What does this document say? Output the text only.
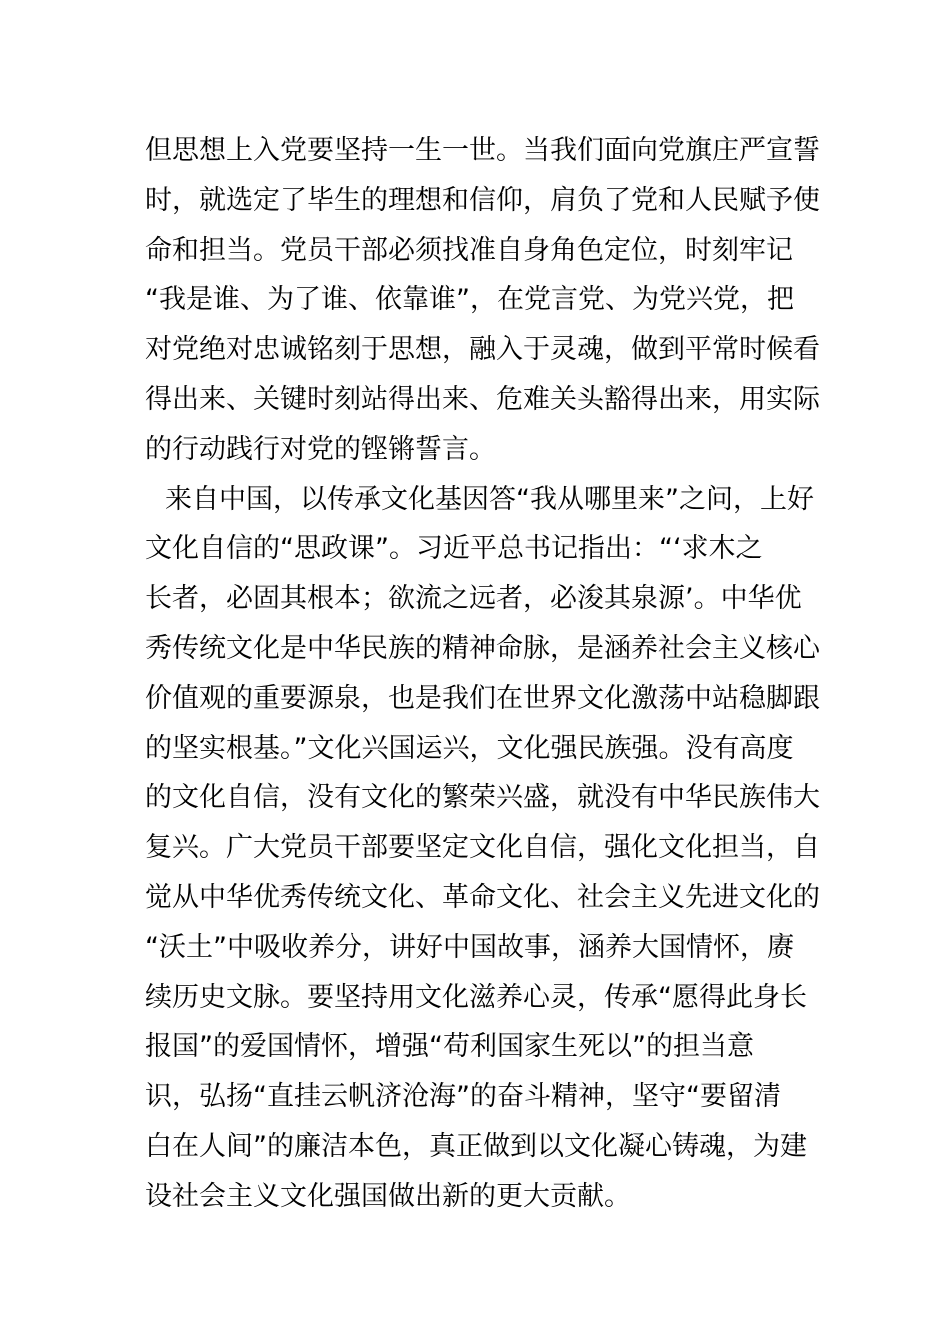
但思想上入党要坚持一生一世。当我们面向党旗庄严宣誓
时，就选定了毕生的理想和信仰，肩负了党和人民赋予使
命和担当。党员干部必须找准自身角色定位，时刻牢记
“我是谁、为了谁、依靠谁”，在党言党、为党兴党，把
对党绝对忠诚铭刻于思想，融入于灵魂，做到平常时候看
得出来、关键时刻站得出来、危难关头豁得出来，用实际
的行动践行对党的铿锵誓言。
来自中国，以传承文化基因答“我从哪里来”之问，上好
文化自信的“思政课”。习近平总书记指出：“‘求木之
长者，必固其根本；欲流之远者，必浚其泉源’。中华优
秀传统文化是中华民族的精神命脉，是涵养社会主义核心
价值观的重要源泉，也是我们在世界文化激荡中站稳脚跟
的坚实根基。”文化兴国运兴，文化强民族强。没有高度
的文化自信，没有文化的繁荣兴盛，就没有中华民族伟大
复兴。广大党员干部要坚定文化自信，强化文化担当，自
觉从中华优秀传统文化、革命文化、社会主义先进文化的
“沃土”中吸收养分，讲好中国故事，涵养大国情怀，赓
续历史文脉。要坚持用文化滋养心灵，传承“愿得此身长
报国”的爱国情怀，增强“苟利国家生死以”的担当意
识，弘扬“直挂云帆济沧海”的奋斗精神，坚守“要留清
白在人间”的廉洁本色，真正做到以文化凝心铸魂，为建
设社会主义文化强国做出新的更大贡献。
